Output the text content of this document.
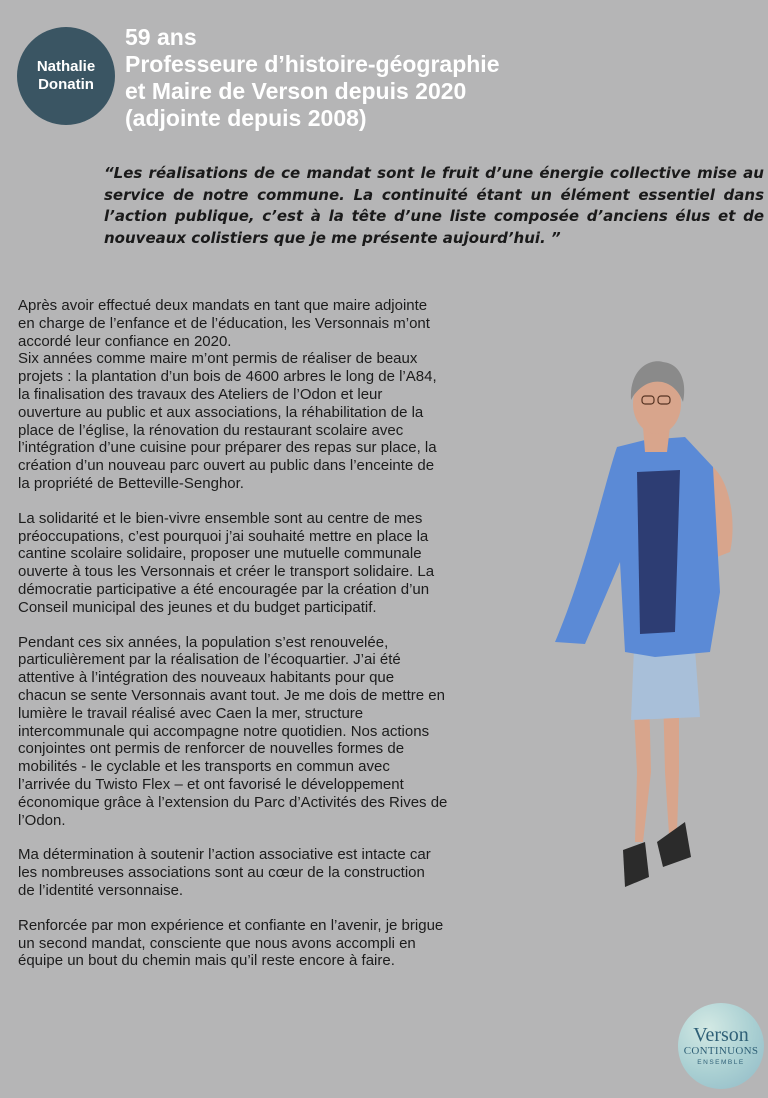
Nathalie
Donatin
59 ans
Professeure d’histoire-géographie
et Maire de Verson depuis 2020
(adjointe depuis 2008)
“Les réalisations de ce mandat sont le fruit d’une énergie collective mise au service de notre commune. La continuité étant un élément essentiel dans l’action publique, c’est à la tête d’une liste composée d’anciens élus et de nouveaux colistiers que je me présente aujourd’hui. ”

Après avoir effectué deux mandats en tant que maire adjointe
en charge de l’enfance et de l’éducation, les Versonnais m’ont
accordé leur confiance en 2020.
Six années comme maire m’ont permis de réaliser de beaux
projets : la plantation d’un bois de 4600 arbres le long de l’A84,
la finalisation des travaux des Ateliers de l’Odon et leur
ouverture au public et aux associations, la réhabilitation de la
place de l’église, la rénovation du restaurant scolaire avec
l’intégration d’une cuisine pour préparer des repas sur place, la
création d’un nouveau parc ouvert au public dans l’enceinte de
la propriété de Betteville-Senghor.

La solidarité et le bien-vivre ensemble sont au centre de mes
préoccupations, c’est pourquoi j’ai souhaité mettre en place la
cantine scolaire solidaire, proposer une mutuelle communale
ouverte à tous les Versonnais et créer le transport solidaire. La
démocratie participative a été encouragée par la création d’un
Conseil municipal des jeunes et du budget participatif.

Pendant ces six années, la population s’est renouvelée,
particulièrement par la réalisation de l’écoquartier. J’ai été
attentive à l’intégration des nouveaux habitants pour que
chacun se sente Versonnais avant tout. Je me dois de mettre en
lumière le travail réalisé avec Caen la mer, structure
intercommunale qui accompagne notre quotidien. Nos actions
conjointes ont permis de renforcer de nouvelles formes de
mobilités - le cyclable et les transports en commun avec
l’arrivée du Twisto Flex – et ont favorisé le développement
économique grâce à l’extension du Parc d’Activités des Rives de
l’Odon.

Ma détermination à soutenir l’action associative est intacte car
les nombreuses associations sont au cœur de la construction
de l’identité versonnaise.

Renforcée par mon expérience et confiante en l’avenir, je brigue
un second mandat, consciente que nous avons accompli en
équipe un bout du chemin mais qu’il reste encore à faire.

Verson
CONTINUONS
ENSEMBLE
